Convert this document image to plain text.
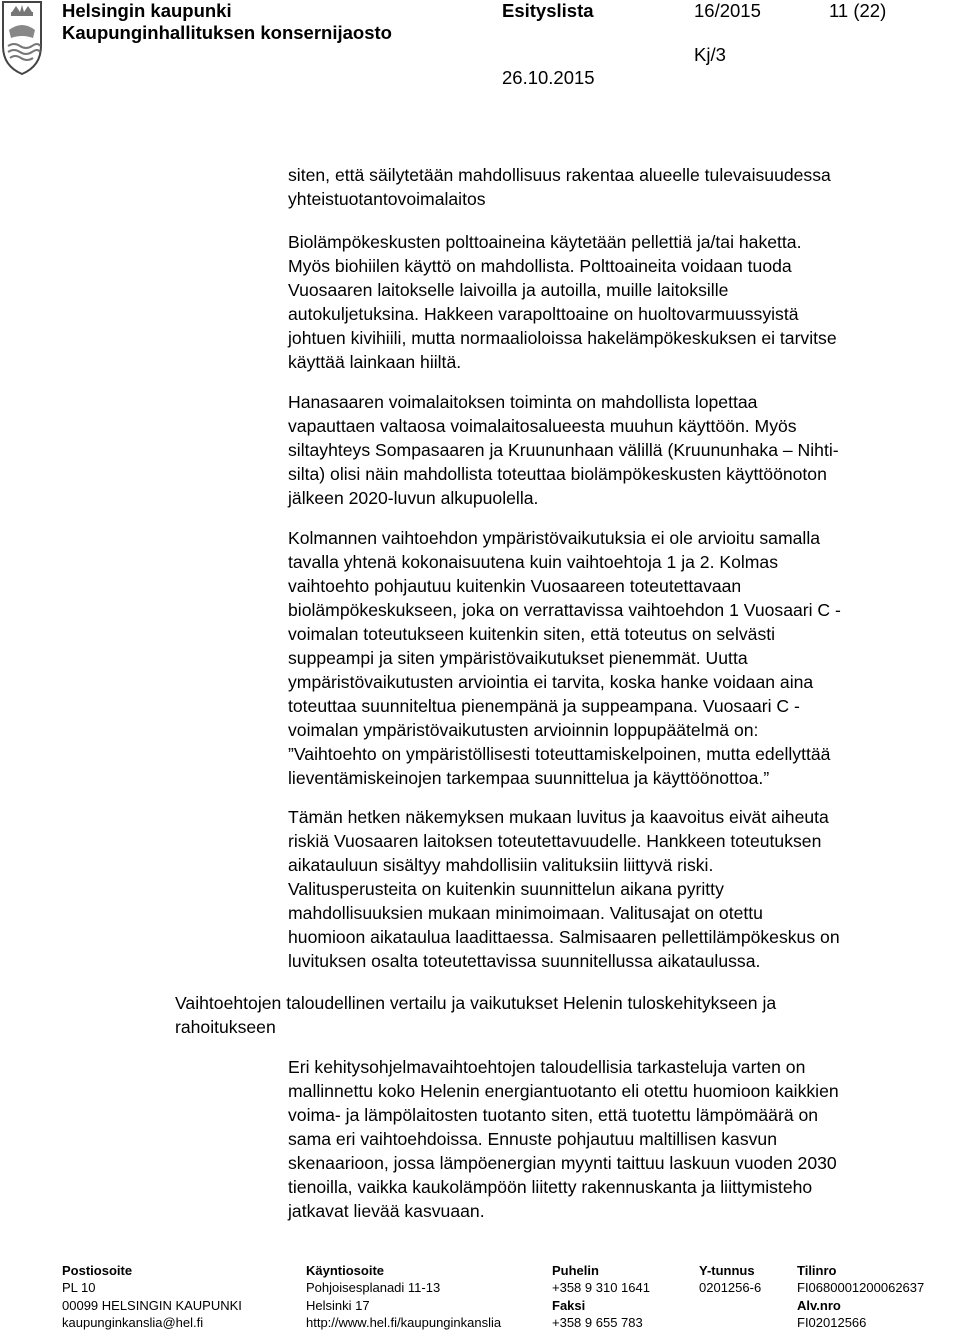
Helsingin kaupunki
Kaupunginhallituksen konsernijaosto
Esityslista	16/2015	11 (22)
Kj/3
26.10.2015
siten, että säilytetään mahdollisuus rakentaa alueelle tulevaisuudessa
yhteistuotantovoimalaitos
Biolämpökeskusten polttoaineina käytetään pellettiä ja/tai haketta.
Myös biohiilen käyttö on mahdollista. Polttoaineita voidaan tuoda
Vuosaaren laitokselle laivoilla ja autoilla, muille laitoksille
autokuljetuksina. Hakkeen varapolttoaine on huoltovarmuussyistä
johtuen kivihiili, mutta normaalioloissa hakelämpökeskuksen ei tarvitse
käyttää lainkaan hiiltä.
Hanasaaren voimalaitoksen toiminta on mahdollista lopettaa
vapauttaen valtaosa voimalaitosalueesta muuhun käyttöön. Myös
siltayhteys Sompasaaren ja Kruununhaan välillä (Kruununhaka – Nihti-
silta) olisi näin mahdollista toteuttaa biolämpökeskusten käyttöönoton
jälkeen 2020-luvun alkupuolella.
Kolmannen vaihtoehdon ympäristövaikutuksia ei ole arvioitu samalla
tavalla yhtenä kokonaisuutena kuin vaihtoehtoja 1 ja 2. Kolmas
vaihtoehto pohjautuu kuitenkin Vuosaareen toteutettavaan
biolämpökeskukseen, joka on verrattavissa vaihtoehdon 1 Vuosaari C -
voimalan toteutukseen kuitenkin siten, että toteutus on selvästi
suppeampi ja siten ympäristövaikutukset pienemmät. Uutta
ympäristövaikutusten arviointia ei tarvita, koska hanke voidaan aina
toteuttaa suunniteltua pienempänä ja suppeampana. Vuosaari C -
voimalan ympäristövaikutusten arvioinnin loppupäätelmä on:
”Vaihtoehto on ympäristöllisesti toteuttamiskelpoinen, mutta edellyttää
lieventämiskeinojen tarkempaa suunnittelua ja käyttöönottoa.”
Tämän hetken näkemyksen mukaan luvitus ja kaavoitus eivät aiheuta
riskiä Vuosaaren laitoksen toteutettavuudelle. Hankkeen toteutuksen
aikatauluun sisältyy mahdollisiin valituksiin liittyvä riski.
Valitusperusteita on kuitenkin suunnittelun aikana pyritty
mahdollisuuksien mukaan minimoimaan. Valitusajat on otettu
huomioon aikataulua laadittaessa. Salmisaaren pellettilämpökeskus on
luvituksen osalta toteutettavissa suunnitellussa aikataulussa.
Vaihtoehtojen taloudellinen vertailu ja vaikutukset Helenin tuloskehitykseen ja
rahoitukseen
Eri kehitysohjelmavaihtoehtojen taloudellisia tarkasteluja varten on
mallinnettu koko Helenin energiantuotanto eli otettu huomioon kaikkien
voima- ja lämpölaitosten tuotanto siten, että tuotettu lämpömäärä on
sama eri vaihtoehdoissa. Ennuste pohjautuu maltillisen kasvun
skenaarioon, jossa lämpöenergian myynti taittuu laskuun vuoden 2030
tienoilla, vaikka kaukolämpöön liitetty rakennuskanta ja liittymisteho
jatkavat lievää kasvuaan.
Postiosoite
PL 10
00099 HELSINGIN KAUPUNKI
kaupunginkanslia@hel.fi
Käyntiosoite
Pohjoisesplanadi 11-13
Helsinki 17
http://www.hel.fi/kaupunginkanslia
Puhelin
+358 9 310 1641
Faksi
+358 9 655 783
Y-tunnus
0201256-6
Tilinro
FI0680001200062637
Alv.nro
FI02012566
